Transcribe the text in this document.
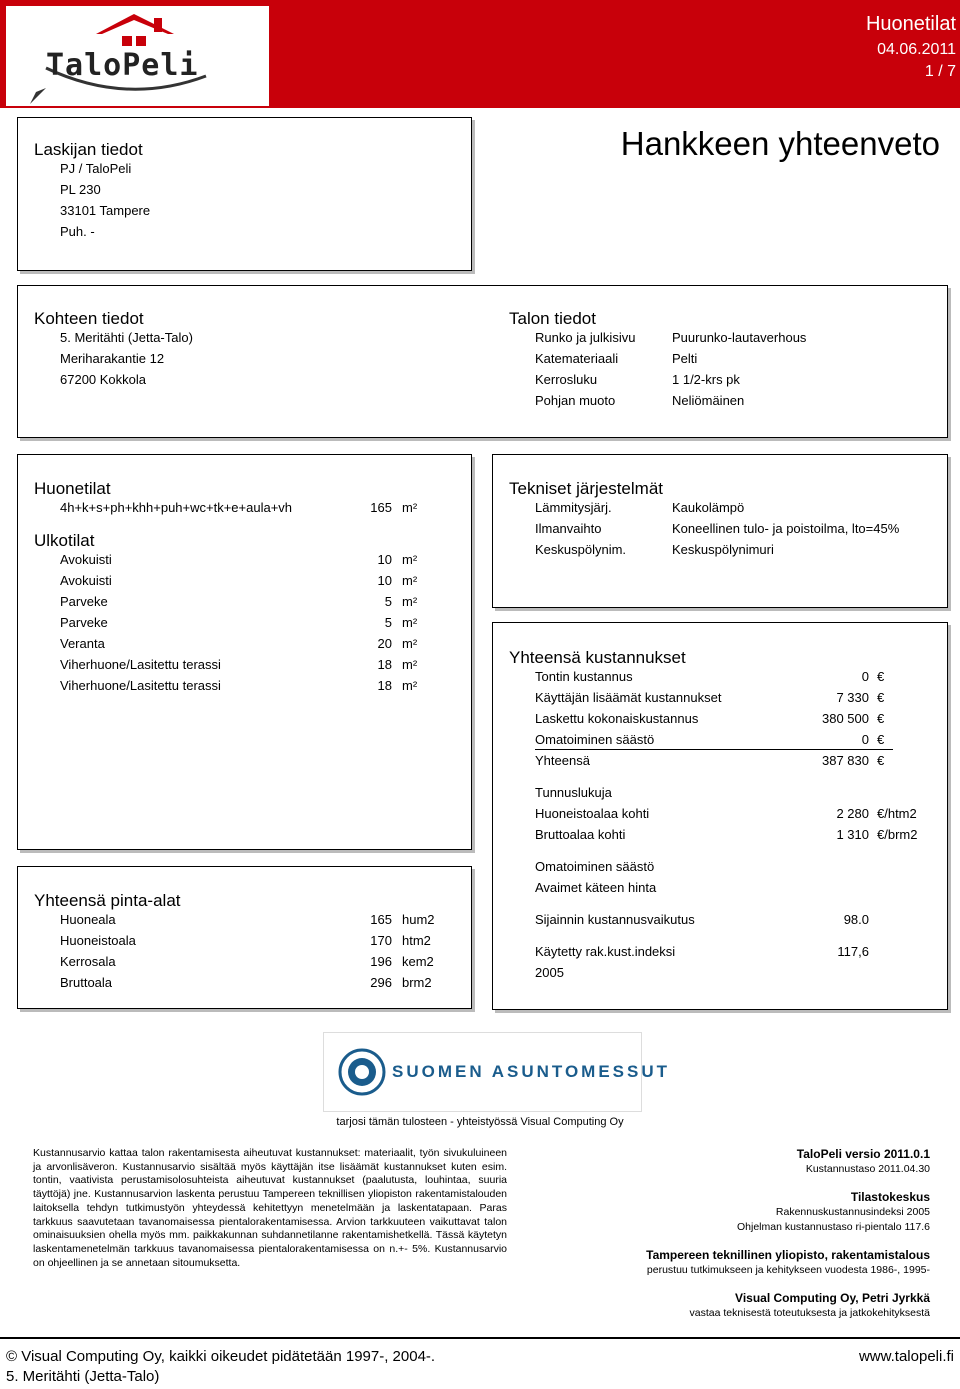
TaloPeli
Huonetilat
04.06.2011
1 / 7
Laskijan tiedot
PJ / TaloPeli
PL 230
33101 Tampere
Puh. -
Hankkeen yhteenveto
Kohteen tiedot
5. Meritähti (Jetta-Talo)
Meriharakantie 12
67200 Kokkola
Talon tiedot
Runko ja julkisivu	Puurunko-lautaverhous
Katemateriaali	Pelti
Kerrosluku	1 1/2-krs pk
Pohjan muoto	Neliömäinen
Huonetilat
4h+k+s+ph+khh+puh+wc+tk+e+aula+vh	165 m²
Ulkotilat
Avokuisti	10 m²
Avokuisti	10 m²
Parveke	5 m²
Parveke	5 m²
Veranta	20 m²
Viherhuone/Lasitettu terassi	18 m²
Viherhuone/Lasitettu terassi	18 m²
Yhteensä pinta-alat
Huoneala	165 hum2
Huoneistoala	170 htm2
Kerrosala	196 kem2
Bruttoala	296 brm2
Tekniset järjestelmät
Lämmitysjärj.	Kaukolämpö
Ilmanvaihto	Koneellinen tulo- ja poistoilma, lto=45%
Keskuspölynim.	Keskuspölynimuri
Yhteensä kustannukset
Tontin kustannus	0 €
Käyttäjän lisäämät kustannukset	7 330 €
Laskettu kokonaiskustannus	380 500 €
Omatoiminen säästö	0 €
Yhteensä	387 830 €
Tunnuslukuja
Huoneistoalaa kohti	2 280 €/htm2
Bruttoalaa kohti	1 310 €/brm2
Omatoiminen säästö
Avaimet käteen hinta
Sijainnin kustannusvaikutus	98.0
Käytetty rak.kust.indeksi	117,6
2005
SUOMEN ASUNTOMESSUT
tarjosi tämän tulosteen - yhteistyössä Visual Computing Oy
Kustannusarvio kattaa talon rakentamisesta aiheutuvat kustannukset: materiaalit, työn sivukuluineen ja arvonlisäveron. Kustannusarvio sisältää myös käyttäjän itse lisäämät kustannukset kuten esim. tontin, vaativista perustamisolosuhteista aiheutuvat kustannukset (paalutusta, louhintaa, suuria täyttöjä) jne. Kustannusarvion laskenta perustuu Tampereen teknillisen yliopiston rakentamistalouden laitoksella tehdyn tutkimustyön yhteydessä kehitettyyn menetelmään ja laskentatapaan. Paras tarkkuus saavutetaan tavanomaisessa pientalorakentamisessa. Arvion tarkkuuteen vaikuttavat talon ominaisuuksien ohella myös mm. paikkakunnan suhdannetilanne rakentamishetkellä. Tässä käytetyn laskentamenetelmän tarkkuus tavanomaisessa pientalorakentamisessa on n.+- 5%. Kustannusarvio on ohjeellinen ja se annetaan sitoumuksetta.
TaloPeli versio 2011.0.1
Kustannustaso 2011.04.30
Tilastokeskus
Rakennuskustannusindeksi 2005
Ohjelman kustannustaso ri-pientalo 117.6
Tampereen teknillinen yliopisto, rakentamistalous
perustuu tutkimukseen ja kehitykseen vuodesta 1986-, 1995-
Visual Computing Oy, Petri Jyrkkä
vastaa teknisestä toteutuksesta ja jatkokehityksestä
© Visual Computing Oy, kaikki oikeudet pidätetään 1997-, 2004-.
5. Meritähti (Jetta-Talo)
www.talopeli.fi
